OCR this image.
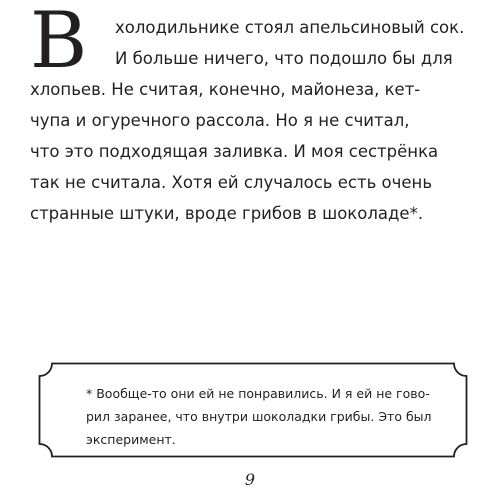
В	холодильнике стоял апельсиновый сок.
И больше ничего, что подошло бы для
хлопьев. Не считая, конечно, майонеза, кет-
чупа и огуречного рассола. Но я не считал,
что это подходящая заливка. И моя сестрёнка
так не считала. Хотя ей случалось есть очень
странные штуки, вроде грибов в шоколаде*.

* Вообще-то они ей не понравились. И я ей не гово-
рил заранее, что внутри шоколадки грибы. Это был
эксперимент.

9
